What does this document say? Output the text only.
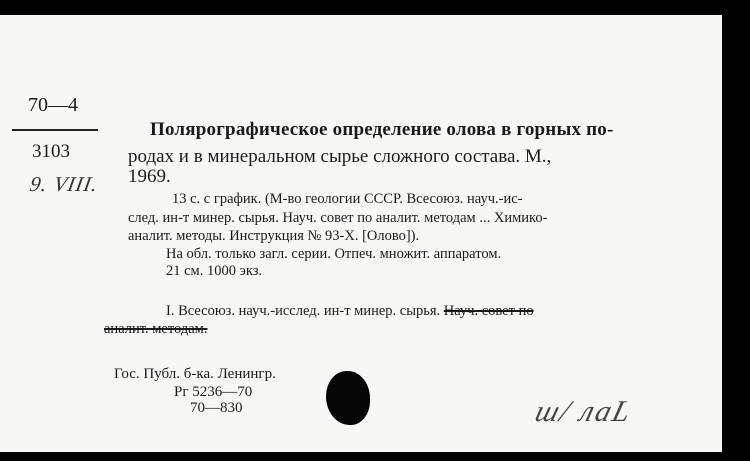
70—4
3103
9. VIII.
Полярографическое определение олова в горных по-
родах и в минеральном сырье сложного состава. М.,
1969.
13 с. с график. (М-во геологии СССР. Всесоюз. науч.-ис-
след. ин-т минер. сырья. Науч. совет по аналит. методам ... Химико-
аналит. методы. Инструкция № 93-Х. [Олово]).
На обл. только загл. серии. Отпеч. множит. аппаратом.
21 см. 1000 экз.
I. Всесоюз. науч.-исслед. ин-т минер. сырья. Науч. совет по
аналит. методам.
Гос. Публ. б-ка. Ленингр.
Рг 5236—70
70—830	ш/ лаL
